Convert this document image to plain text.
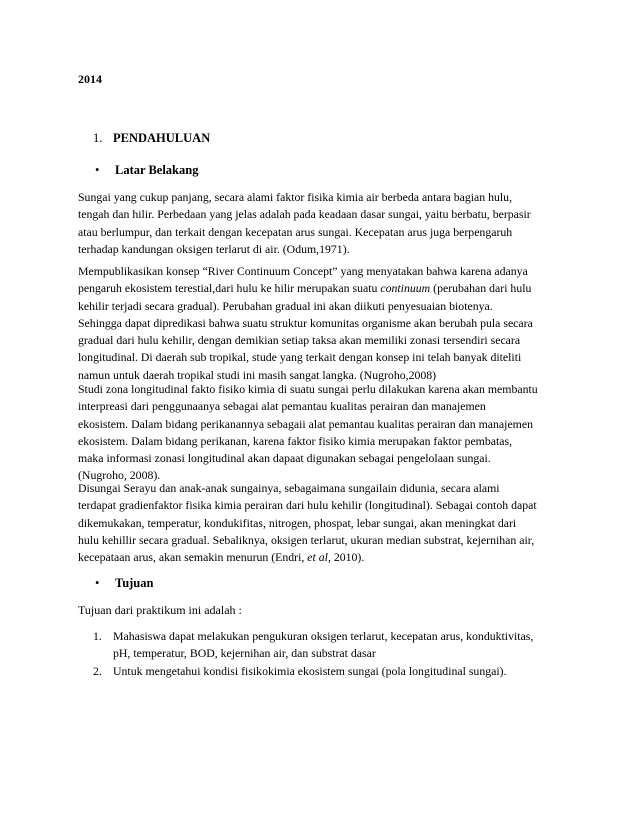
2014
1. PENDAHULUAN
• Latar Belakang
Sungai yang cukup panjang, secara alami faktor fisika kimia air berbeda antara bagian hulu,
tengah dan hilir. Perbedaan yang jelas adalah pada keadaan dasar sungai, yaitu berbatu, berpasir
atau berlumpur, dan terkait dengan kecepatan arus sungai. Kecepatan arus juga berpengaruh
terhadap kandungan oksigen terlarut di air. (Odum,1971).
Mempublikasikan konsep “River Continuum Concept” yang menyatakan bahwa karena adanya
pengaruh ekosistem terestial,dari hulu ke hilir merupakan suatu continuum (perubahan dari hulu
kehilir terjadi secara gradual). Perubahan gradual ini akan diikuti penyesuaian biotenya.
Sehingga dapat dipredikasi bahwa suatu struktur komunitas organisme akan berubah pula secara
gradual dari hulu kehilir, dengan demikian setiap taksa akan memiliki zonasi tersendiri secara
longitudinal. Di daerah sub tropikal, stude yang terkait dengan konsep ini telah banyak diteliti
namun untuk daerah tropikal studi ini masih sangat langka. (Nugroho,2008)
Studi zona longitudinal fakto fisiko kimia di suatu sungai perlu dilakukan karena akan membantu
interpreasi dari penggunaanya sebagai alat pemantau kualitas perairan dan manajemen
ekosistem. Dalam bidang perikanannya sebagaii alat pemantau kualitas perairan dan manajemen
ekosistem. Dalam bidang perikanan, karena faktor fisiko kimia merupakan faktor pembatas,
maka informasi zonasi longitudinal akan dapaat digunakan sebagai pengelolaan sungai.
(Nugroho, 2008).
Disungai Serayu dan anak-anak sungainya, sebagaimana sungailain didunia, secara alami
terdapat gradienfaktor fisika kimia perairan dari hulu kehilir (longitudinal). Sebagai contoh dapat
dikemukakan, temperatur, kondukifitas, nitrogen, phospat, lebar sungai, akan meningkat dari
hulu kehillir secara gradual. Sebaliknya, oksigen terlarut, ukuran median substrat, kejernihan air,
kecepataan arus, akan semakin menurun (Endri, et al, 2010).
• Tujuan
Tujuan dari praktikum ini adalah :
1. Mahasiswa dapat melakukan pengukuran oksigen terlarut, kecepatan arus, konduktivitas,
pH, temperatur, BOD, kejernihan air, dan substrat dasar
2. Untuk mengetahui kondisi fisikokimia ekosistem sungai (pola longitudinal sungai).
